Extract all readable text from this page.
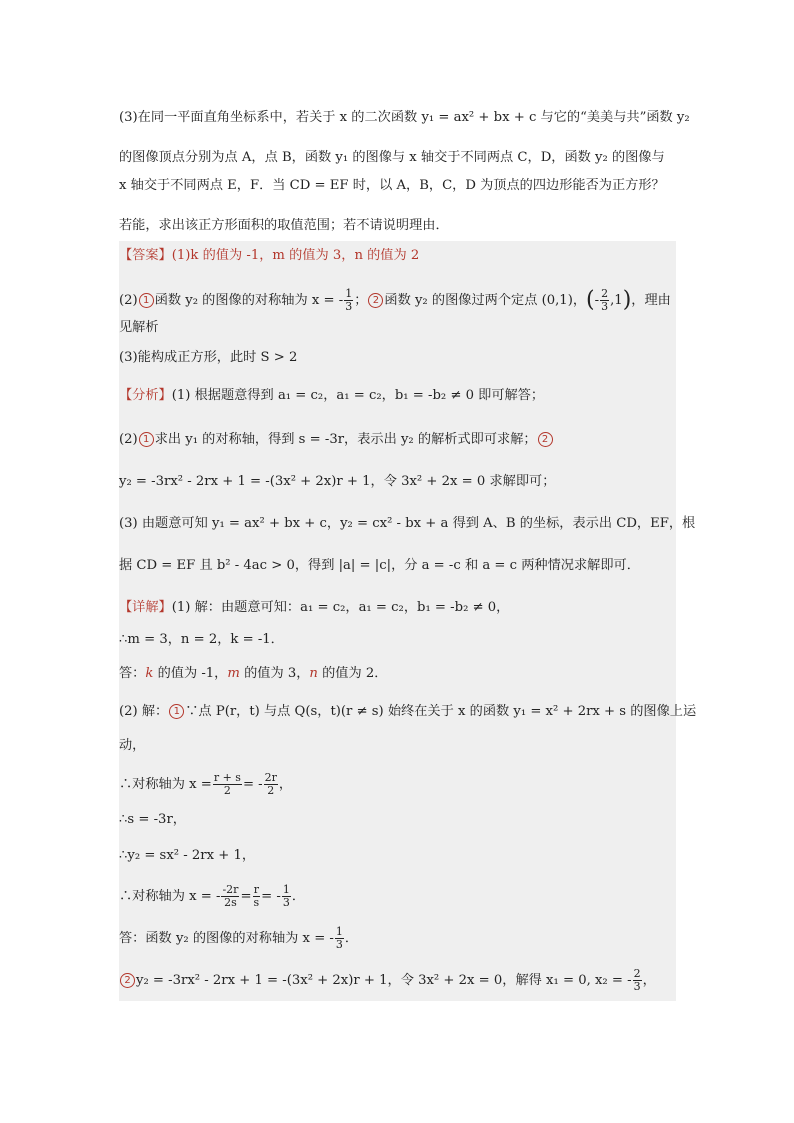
(3)在同一平面直角坐标系中，若关于 x 的二次函数 y₁ = ax² + bx + c 与它的“美美与共”函数 y₂
的图像顶点分别为点 A，点 B，函数 y₁ 的图像与 x 轴交于不同两点 C，D，函数 y₂ 的图像与
x 轴交于不同两点 E，F．当 CD = EF 时，以 A，B，C，D 为顶点的四边形能否为正方形？
若能，求出该正方形面积的取值范围；若不请说明理由．
【答案】(1)k 的值为 -1，m 的值为 3，n 的值为 2
(2) 1 函数 y₂ 的图像的对称轴为 x = - $\frac{1}{3}$ ； 2 函数 y₂ 的图像过两个定点 (0,1)，(- $\frac{2}{3} ,1$)，理由
见解析
(3)能构成正方形，此时 S > 2
【分析】(1) 根据题意得到 a₁ = c₂，a₁ = c₂，b₁ = -b₂ ≠ 0 即可解答；
(2) 1 求出 y₁ 的对称轴，得到 s = -3r，表示出 y₂ 的解析式即可求解； 2
y₂ = -3rx² - 2rx + 1 = -(3x² + 2x)r + 1，令 3x² + 2x = 0 求解即可；
(3) 由题意可知 y₁ = ax² + bx + c，y₂ = cx² - bx + a 得到 A、B 的坐标，表示出 CD，EF，根
据 CD = EF 且 b² - 4ac > 0，得到 |a| = |c|，分 a = -c 和 a = c 两种情况求解即可．
【详解】(1) 解：由题意可知：a₁ = c₂，a₁ = c₂，b₁ = -b₂ ≠ 0，
∴m = 3，n = 2，k = -1．
答：k 的值为 -1，m 的值为 3，n 的值为 2．
(2) 解： 1 ∵点 P(r，t) 与点 Q(s，t)(r ≠ s) 始终在关于 x 的函数 y₁ = x² + 2rx + s 的图像上运
动，
∴对称轴为 $x = \frac{r + s}{2}$ = - $\frac{2r}{2}$ ，
∴s = -3r，
∴y₂ = sx² - 2rx + 1，
∴对称轴为 x = - $\frac{-2r}{2s} = \frac{r}{s}$ = - $\frac{1}{3}$ ．
答：函数 y₂ 的图像的对称轴为 x = - $\frac{1}{3}$ ．
2 y₂ = -3rx² - 2rx + 1 = -(3x² + 2x)r + 1，令 3x² + 2x = 0，解得 x₁ = 0, x₂ = - $\frac{2}{3}$ ，
